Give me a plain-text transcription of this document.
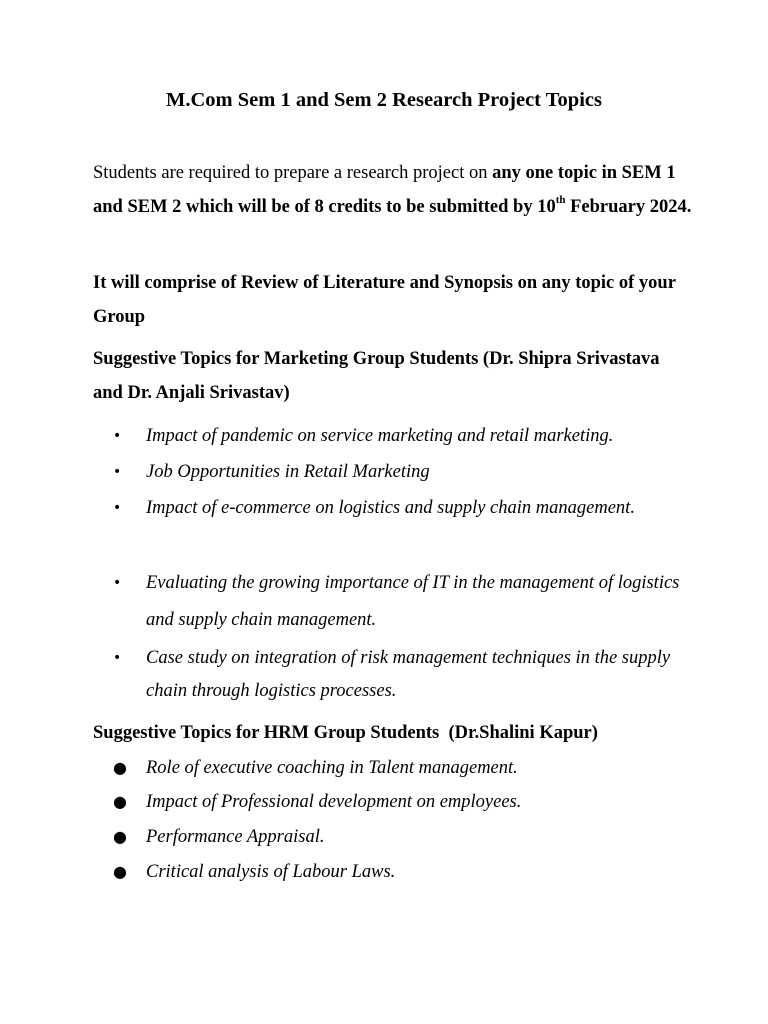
M.Com Sem 1 and Sem 2 Research Project Topics
Students are required to prepare a research project on any one topic in SEM 1 and SEM 2 which will be of 8 credits to be submitted by 10th February 2024.
It will comprise of Review of Literature and Synopsis on any topic of your Group
Suggestive Topics for Marketing Group Students (Dr. Shipra Srivastava and Dr. Anjali Srivastav)
• Impact of pandemic on service marketing and retail marketing.
• Job Opportunities in Retail Marketing
• Impact of e-commerce on logistics and supply chain management.
• Evaluating the growing importance of IT in the management of logistics and supply chain management.
• Case study on integration of risk management techniques in the supply chain through logistics processes.
Suggestive Topics for HRM Group Students  (Dr.Shalini Kapur)
● Role of executive coaching in Talent management.
● Impact of Professional development on employees.
● Performance Appraisal.
● Critical analysis of Labour Laws.
